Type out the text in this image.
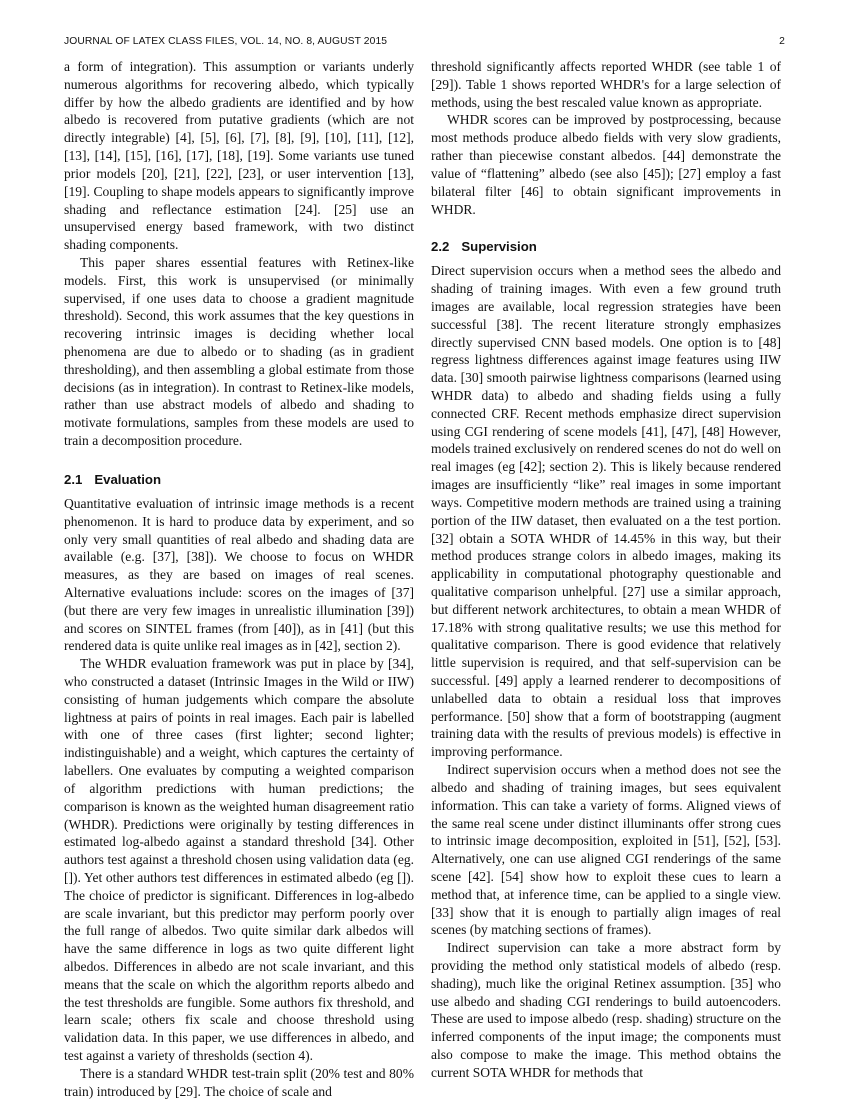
JOURNAL OF LATEX CLASS FILES, VOL. 14, NO. 8, AUGUST 2015	2

a form of integration). This assumption or variants underly numerous algorithms for recovering albedo, which typically differ by how the albedo gradients are identified and by how albedo is recovered from putative gradients (which are not directly integrable) [4], [5], [6], [7], [8], [9], [10], [11], [12], [13], [14], [15], [16], [17], [18], [19]. Some variants use tuned prior models [20], [21], [22], [23], or user intervention [13], [19]. Coupling to shape models appears to significantly improve shading and reflectance estimation [24]. [25] use an unsupervised energy based framework, with two distinct shading components.

This paper shares essential features with Retinex-like models. First, this work is unsupervised (or minimally supervised, if one uses data to choose a gradient magnitude threshold). Second, this work assumes that the key questions in recovering intrinsic images is deciding whether local phenomena are due to albedo or to shading (as in gradient thresholding), and then assembling a global estimate from those decisions (as in integration). In contrast to Retinex-like models, rather than use abstract models of albedo and shading to motivate formulations, samples from these models are used to train a decomposition procedure.

2.1 Evaluation

Quantitative evaluation of intrinsic image methods is a recent phenomenon. It is hard to produce data by experiment, and so only very small quantities of real albedo and shading data are available (e.g. [37], [38]). We choose to focus on WHDR measures, as they are based on images of real scenes. Alternative evaluations include: scores on the images of [37] (but there are very few images in unrealistic illumination [39]) and scores on SINTEL frames (from [40]), as in [41] (but this rendered data is quite unlike real images as in [42], section 2).

The WHDR evaluation framework was put in place by [34], who constructed a dataset (Intrinsic Images in the Wild or IIW) consisting of human judgements which compare the absolute lightness at pairs of points in real images. Each pair is labelled with one of three cases (first lighter; second lighter; indistinguishable) and a weight, which captures the certainty of labellers. One evaluates by computing a weighted comparison of algorithm predictions with human predictions; the comparison is known as the weighted human disagreement ratio (WHDR). Predictions were originally by testing differences in estimated log-albedo against a standard threshold [34]. Other authors test against a threshold chosen using validation data (eg. []). Yet other authors test differences in estimated albedo (eg []). The choice of predictor is significant. Differences in log-albedo are scale invariant, but this predictor may perform poorly over the full range of albedos. Two quite similar dark albedos will have the same difference in logs as two quite different light albedos. Differences in albedo are not scale invariant, and this means that the scale on which the algorithm reports albedo and the test thresholds are fungible. Some authors fix threshold, and learn scale; others fix scale and choose threshold using validation data. In this paper, we use differences in albedo, and test against a variety of thresholds (section 4).

There is a standard WHDR test-train split (20% test and 80% train) introduced by [29]. The choice of scale and

threshold significantly affects reported WHDR (see table 1 of [29]). Table 1 shows reported WHDR's for a large selection of methods, using the best rescaled value known as appropriate.

WHDR scores can be improved by postprocessing, because most methods produce albedo fields with very slow gradients, rather than piecewise constant albedos. [44] demonstrate the value of “flattening” albedo (see also [45]); [27] employ a fast bilateral filter [46] to obtain significant improvements in WHDR.

2.2 Supervision

Direct supervision occurs when a method sees the albedo and shading of training images. With even a few ground truth images are available, local regression strategies have been successful [38]. The recent literature strongly emphasizes directly supervised CNN based models. One option is to [48] regress lightness differences against image features using IIW data. [30] smooth pairwise lightness comparisons (learned using WHDR data) to albedo and shading fields using a fully connected CRF. Recent methods emphasize direct supervision using CGI rendering of scene models [41], [47], [48] However, models trained exclusively on rendered scenes do not do well on real images (eg [42]; section 2). This is likely because rendered images are insufficiently “like” real images in some important ways. Competitive modern methods are trained using a training portion of the IIW dataset, then evaluated on a the test portion. [32] obtain a SOTA WHDR of 14.45% in this way, but their method produces strange colors in albedo images, making its applicability in computational photography questionable and qualitative comparison unhelpful. [27] use a similar approach, but different network architectures, to obtain a mean WHDR of 17.18% with strong qualitative results; we use this method for qualitative comparison. There is good evidence that relatively little supervision is required, and that self-supervision can be successful. [49] apply a learned renderer to decompositions of unlabelled data to obtain a residual loss that improves performance. [50] show that a form of bootstrapping (augment training data with the results of previous models) is effective in improving performance.

Indirect supervision occurs when a method does not see the albedo and shading of training images, but sees equivalent information. This can take a variety of forms. Aligned views of the same real scene under distinct illuminants offer strong cues to intrinsic image decomposition, exploited in [51], [52], [53]. Alternatively, one can use aligned CGI renderings of the same scene [42]. [54] show how to exploit these cues to learn a method that, at inference time, can be applied to a single view. [33] show that it is enough to partially align images of real scenes (by matching sections of frames).

Indirect supervision can take a more abstract form by providing the method only statistical models of albedo (resp. shading), much like the original Retinex assumption. [35] who use albedo and shading CGI renderings to build autoencoders. These are used to impose albedo (resp. shading) structure on the inferred components of the input image; the components must also compose to make the image. This method obtains the current SOTA WHDR for methods that
